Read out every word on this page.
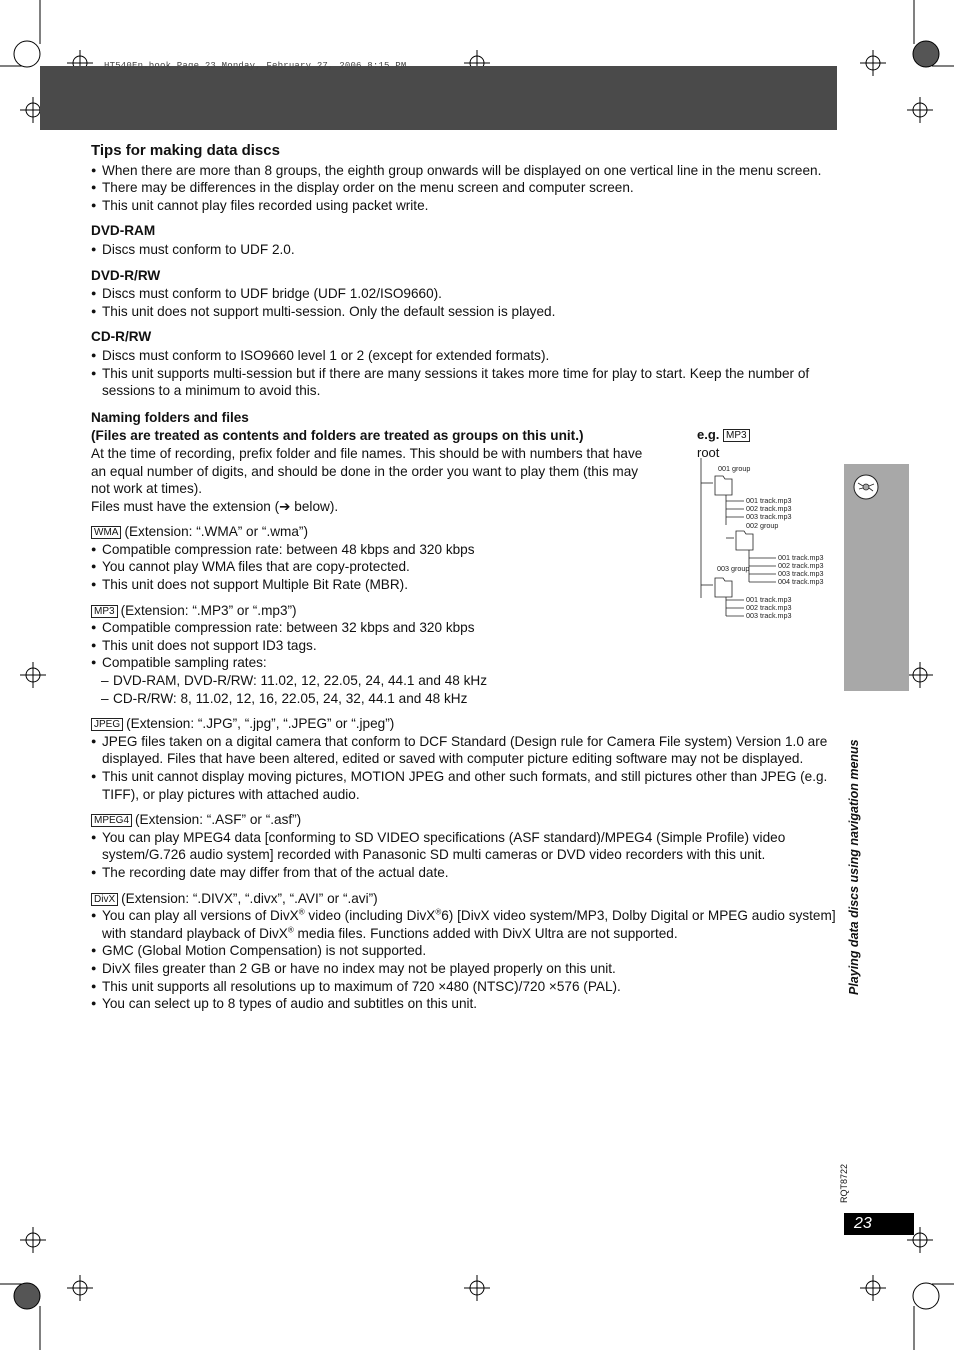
HT540En.book Page 23 Monday, February 27, 2006 8:15 PM
Tips for making data discs
● When there are more than 8 groups, the eighth group onwards will be displayed on one vertical line in the menu screen.
● There may be differences in the display order on the menu screen and computer screen.
● This unit cannot play files recorded using packet write.
DVD-RAM
● Discs must conform to UDF 2.0.
DVD-R/RW
● Discs must conform to UDF bridge (UDF 1.02/ISO9660).
● This unit does not support multi-session. Only the default session is played.
CD-R/RW
● Discs must conform to ISO9660 level 1 or 2 (except for extended formats).
● This unit supports multi-session but if there are many sessions it takes more time for play to start. Keep the number of sessions to a minimum to avoid this.
Naming folders and files
(Files are treated as contents and folders are treated as groups on this unit.)
At the time of recording, prefix folder and file names. This should be with numbers that have an equal number of digits, and should be done in the order you want to play them (this may not work at times).
Files must have the extension (➔ below).
WMA (Extension: “.WMA” or “.wma”)
● Compatible compression rate: between 48 kbps and 320 kbps
● You cannot play WMA files that are copy-protected.
● This unit does not support Multiple Bit Rate (MBR).
MP3 (Extension: “.MP3” or “.mp3”)
● Compatible compression rate: between 32 kbps and 320 kbps
● This unit does not support ID3 tags.
● Compatible sampling rates:
– DVD-RAM, DVD-R/RW: 11.02, 12, 22.05, 24, 44.1 and 48 kHz
– CD-R/RW: 8, 11.02, 12, 16, 22.05, 24, 32, 44.1 and 48 kHz
JPEG (Extension: “.JPG”, “.jpg”, “.JPEG” or “.jpeg”)
● JPEG files taken on a digital camera that conform to DCF Standard (Design rule for Camera File system) Version 1.0 are displayed. Files that have been altered, edited or saved with computer picture editing software may not be displayed.
● This unit cannot display moving pictures, MOTION JPEG and other such formats, and still pictures other than JPEG (e.g. TIFF), or play pictures with attached audio.
MPEG4 (Extension: “.ASF” or “.asf”)
● You can play MPEG4 data [conforming to SD VIDEO specifications (ASF standard)/MPEG4 (Simple Profile) video system/G.726 audio system] recorded with Panasonic SD multi cameras or DVD video recorders with this unit.
● The recording date may differ from that of the actual date.
DivX (Extension: “.DIVX”, “.divx”, “.AVI” or “.avi”)
● You can play all versions of DivX® video (including DivX®6) [DivX video system/MP3, Dolby Digital or MPEG audio system] with standard playback of DivX® media files. Functions added with DivX Ultra are not supported.
● GMC (Global Motion Compensation) is not supported.
● DivX files greater than 2 GB or have no index may not be played properly on this unit.
● This unit supports all resolutions up to maximum of 720 ×480 (NTSC)/720 ×576 (PAL).
● You can select up to 8 types of audio and subtitles on this unit.
e.g. MP3
root
001 group
001 track.mp3
002 track.mp3
003 track.mp3
002 group
001 track.mp3
002 track.mp3
003 track.mp3
004 track.mp3
003 group
001 track.mp3
002 track.mp3
003 track.mp3
Playing data discs using navigation menus
RQT8722
23
